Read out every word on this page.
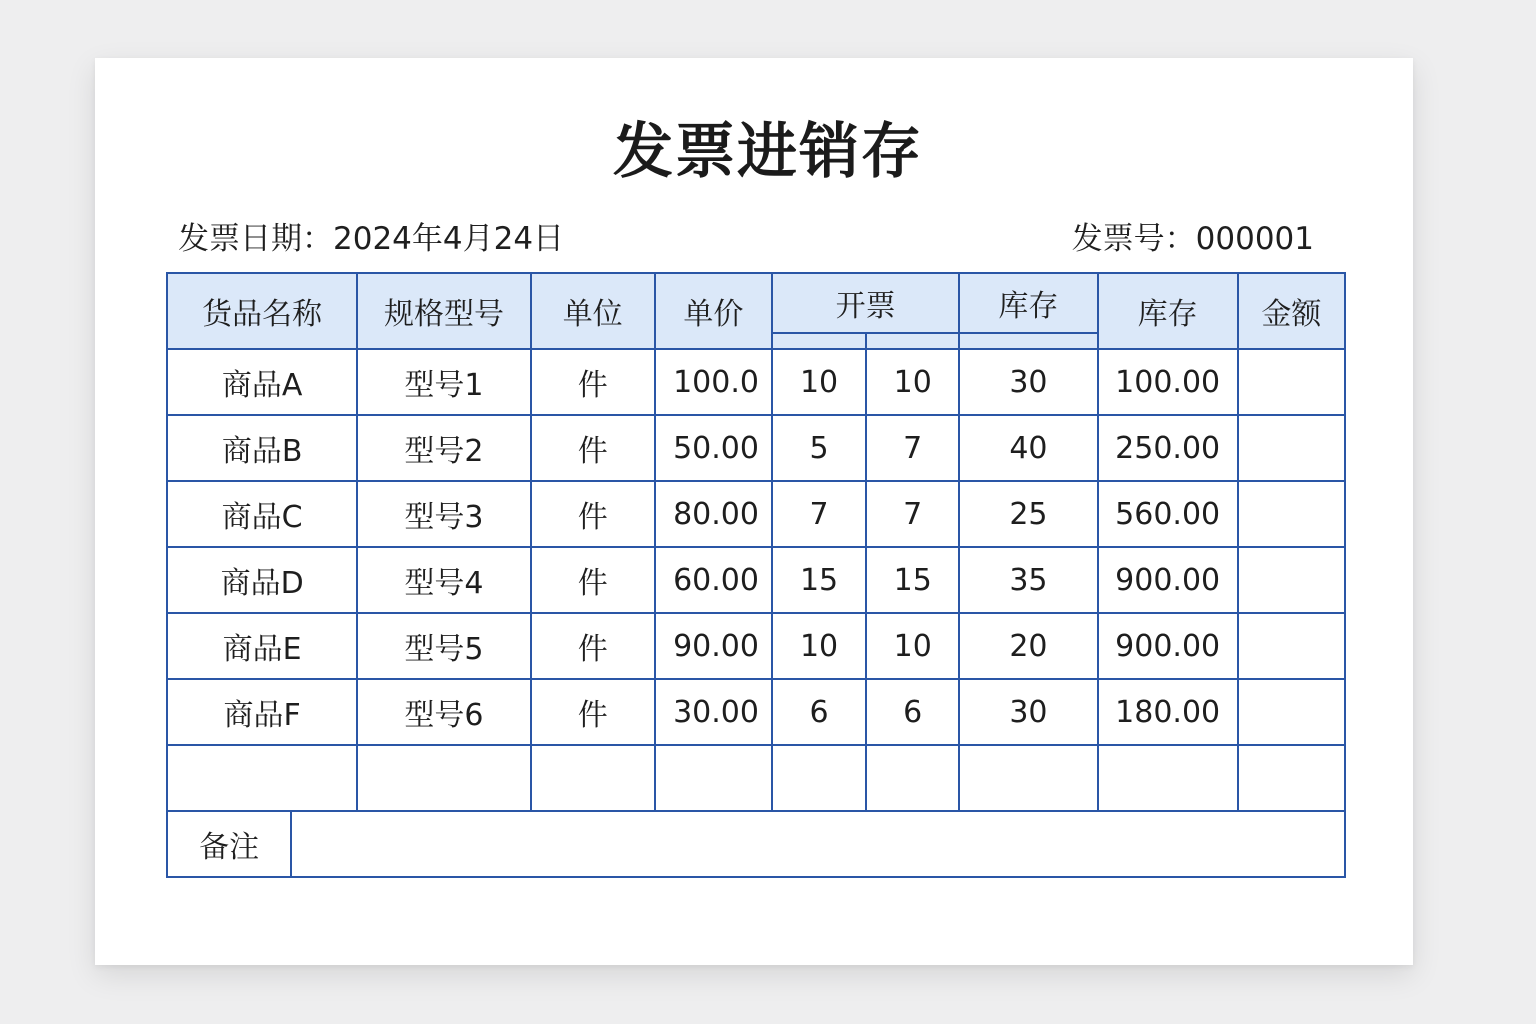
发票进销存
发票日期：2024年4月24日	发票号：000001
货品名称		规格型号	单位	单价	开票		库存	库存	金额

商品A		型号1	件	100.0	10	10	30	100.00	
商品B		型号2	件	50.00	5	7	40	250.00	
商品C		型号3	件	80.00	7	7	25	560.00	
商品D		型号4	件	60.00	15	15	35	900.00	
商品E		型号5	件	90.00	10	10	20	900.00	
商品F		型号6	件	30.00	6	6	30	180.00	

备注									
